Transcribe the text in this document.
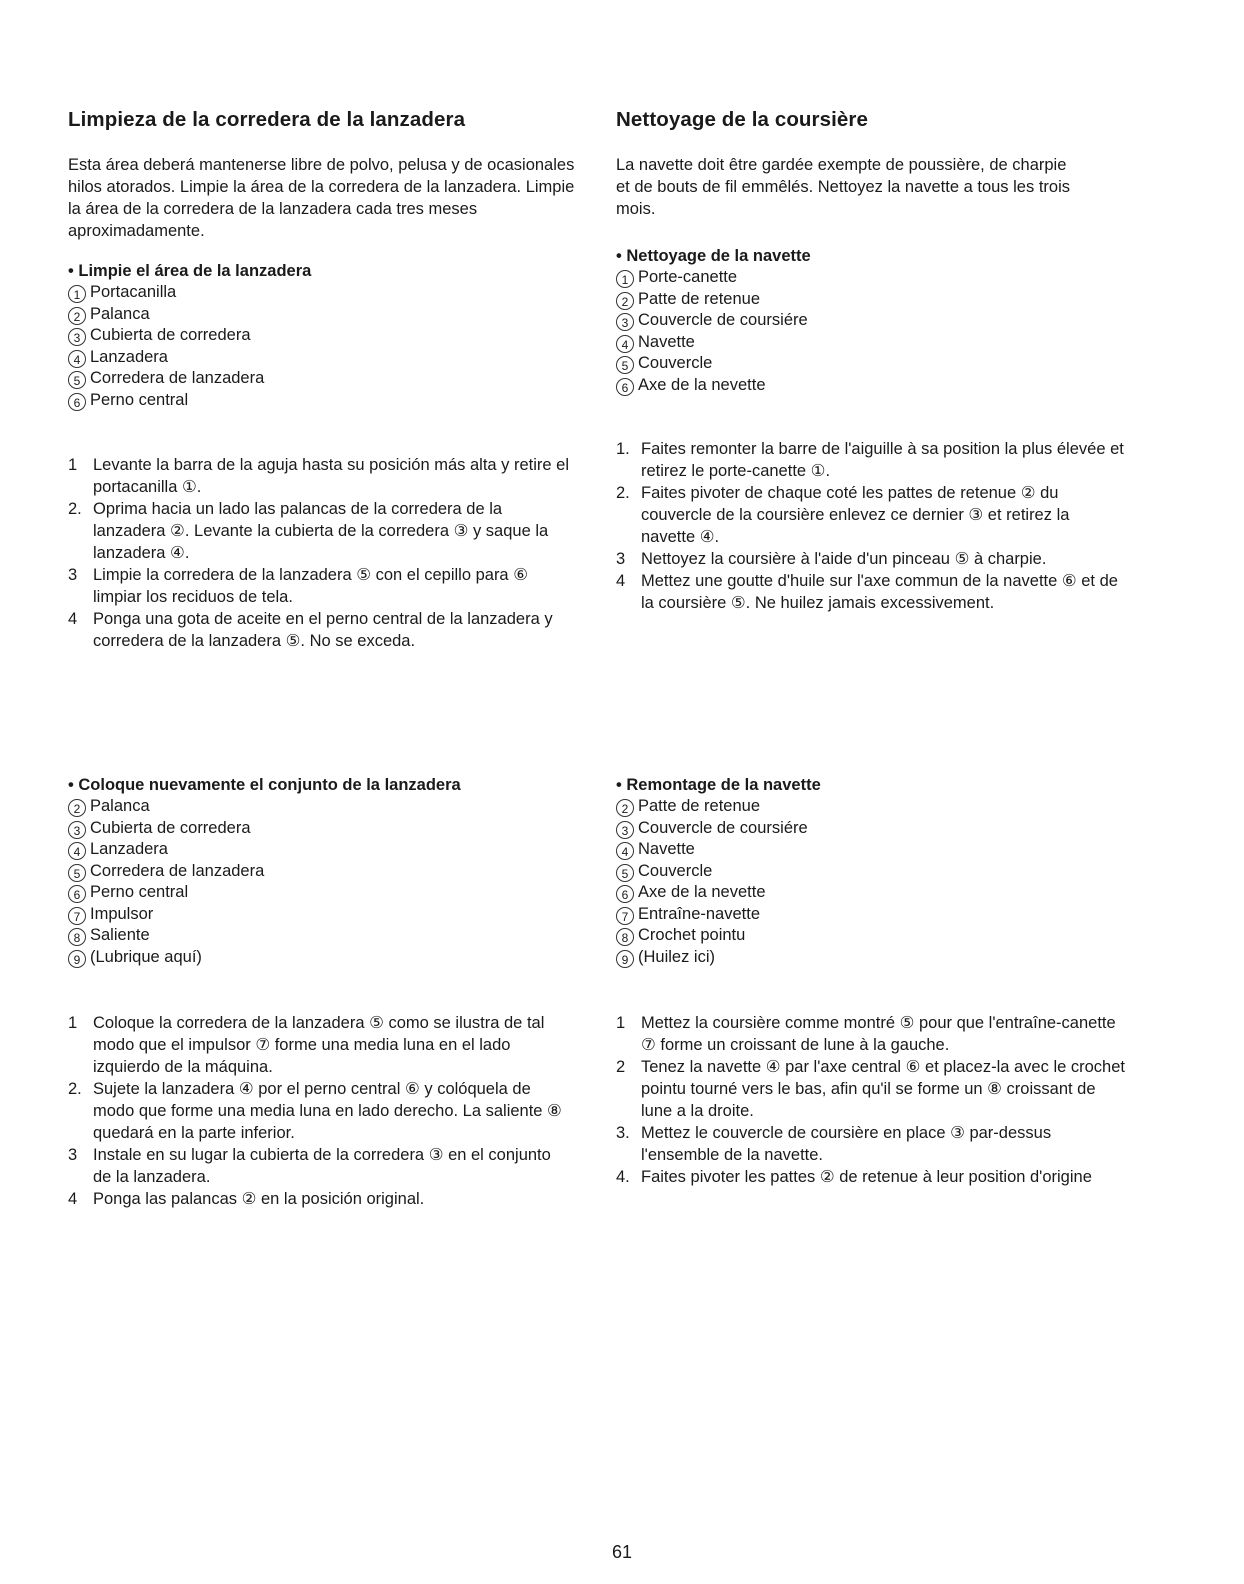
Limpieza de la corredera de la lanzadera

Esta área deberá mantenerse libre de polvo, pelusa y de ocasionales hilos atorados. Limpie la área de la corredera de la lanzadera. Limpie la área de la corredera de la lanzadera cada tres meses aproximadamente.

• Limpie el área de la lanzadera
1 Portacanilla
2 Palanca
3 Cubierta de corredera
4 Lanzadera
5 Corredera de lanzadera
6 Perno central
1 Levante la barra de la aguja hasta su posición más alta y retire el portacanilla ①.
2. Oprima hacia un lado las palancas de la corredera de la lanzadera ②. Levante la cubierta de la corredera ③ y saque la lanzadera ④.
3 Limpie la corredera de la lanzadera ⑤ con el cepillo para ⑥ limpiar los reciduos de tela.
4 Ponga una gota de aceite en el perno central de la lanzadera y corredera de la lanzadera ⑤. No se exceda.
• Coloque nuevamente el conjunto de la lanzadera
2 Palanca
3 Cubierta de corredera
4 Lanzadera
5 Corredera de lanzadera
6 Perno central
7 Impulsor
8 Saliente
9 (Lubrique aquí)
1 Coloque la corredera de la lanzadera ⑤ como se ilustra de tal modo que el impulsor ⑦ forme una media luna en el lado izquierdo de la máquina.
2. Sujete la lanzadera ④ por el perno central ⑥ y colóquela de modo que forme una media luna en lado derecho. La saliente ⑧ quedará en la parte inferior.
3 Instale en su lugar la cubierta de la corredera ③ en el conjunto de la lanzadera.
4 Ponga las palancas ② en la posición original.
Nettoyage de la coursière

La navette doit être gardée exempte de poussière, de charpie et de bouts de fil emmêlés. Nettoyez la navette a tous les trois mois.

• Nettoyage de la navette
1 Porte-canette
2 Patte de retenue
3 Couvercle de coursiére
4 Navette
5 Couvercle
6 Axe de la nevette
1. Faites remonter la barre de l'aiguille à sa position la plus élevée et retirez le porte-canette ①.
2. Faites pivoter de chaque coté les pattes de retenue ② du couvercle de la coursière enlevez ce dernier ③ et retirez la navette ④.
3 Nettoyez la coursière à l'aide d'un pinceau ⑤ à charpie.
4 Mettez une goutte d'huile sur l'axe commun de la navette ⑥ et de la coursière ⑤. Ne huilez jamais excessivement.
• Remontage de la navette
2 Patte de retenue
3 Couvercle de coursiére
4 Navette
5 Couvercle
6 Axe de la nevette
7 Entraîne-navette
8 Crochet pointu
9 (Huilez ici)
1 Mettez la coursière comme montré ⑤ pour que l'entraîne-canette ⑦ forme un croissant de lune à la gauche.
2 Tenez la navette ④ par l'axe central ⑥ et placez-la avec le crochet pointu tourné vers le bas, afin qu'il se forme un ⑧ croissant de lune a la droite.
3. Mettez le couvercle de coursière en place ③ par-dessus l'ensemble de la navette.
4. Faites pivoter les pattes ② de retenue à leur position d'origine
61
